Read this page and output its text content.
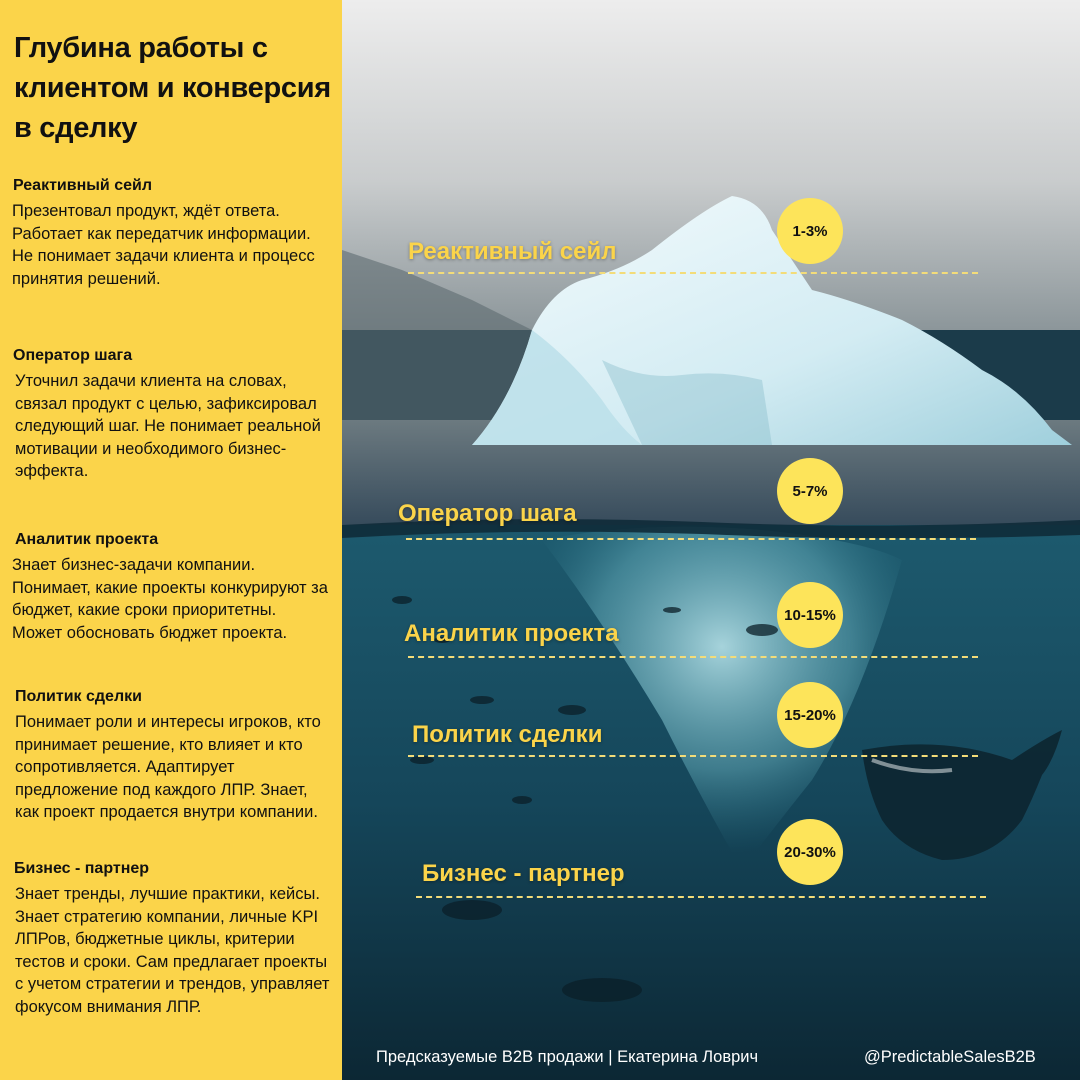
Глубина работы с клиентом и конверсия в сделку
Реактивный сейл

Презентовал продукт, ждёт ответа. Работает как передатчик информации. Не понимает задачи клиента и процесс принятия решений.

Оператор шага

Уточнил задачи клиента на словах, связал продукт с целью, зафиксировал следующий шаг. Не понимает реальной мотивации и необходимого бизнес-эффекта.

Аналитик проекта

Знает бизнес-задачи компании. Понимает, какие проекты конкурируют за бюджет, какие сроки приоритетны. Может обосновать бюджет проекта.

Политик сделки

Понимает роли и интересы игроков, кто принимает решение, кто влияет и кто сопротивляется. Адаптирует предложение под каждого ЛПР. Знает, как проект продается внутри компании.

Бизнес - партнер

Знает тренды, лучшие практики, кейсы. Знает стратегию компании, личные KPI ЛПРов, бюджетные циклы, критерии тестов и сроки. Сам предлагает проекты с учетом стратегии и трендов, управляет фокусом внимания ЛПР.

Реактивный сейл
Оператор шага
Аналитик проекта
Политик сделки
Бизнес - партнер
1-3%
5-7%
10-15%
15-20%
20-30%
Предсказуемые B2B продажи | Екатерина Ловрич	@PredictableSalesB2B
